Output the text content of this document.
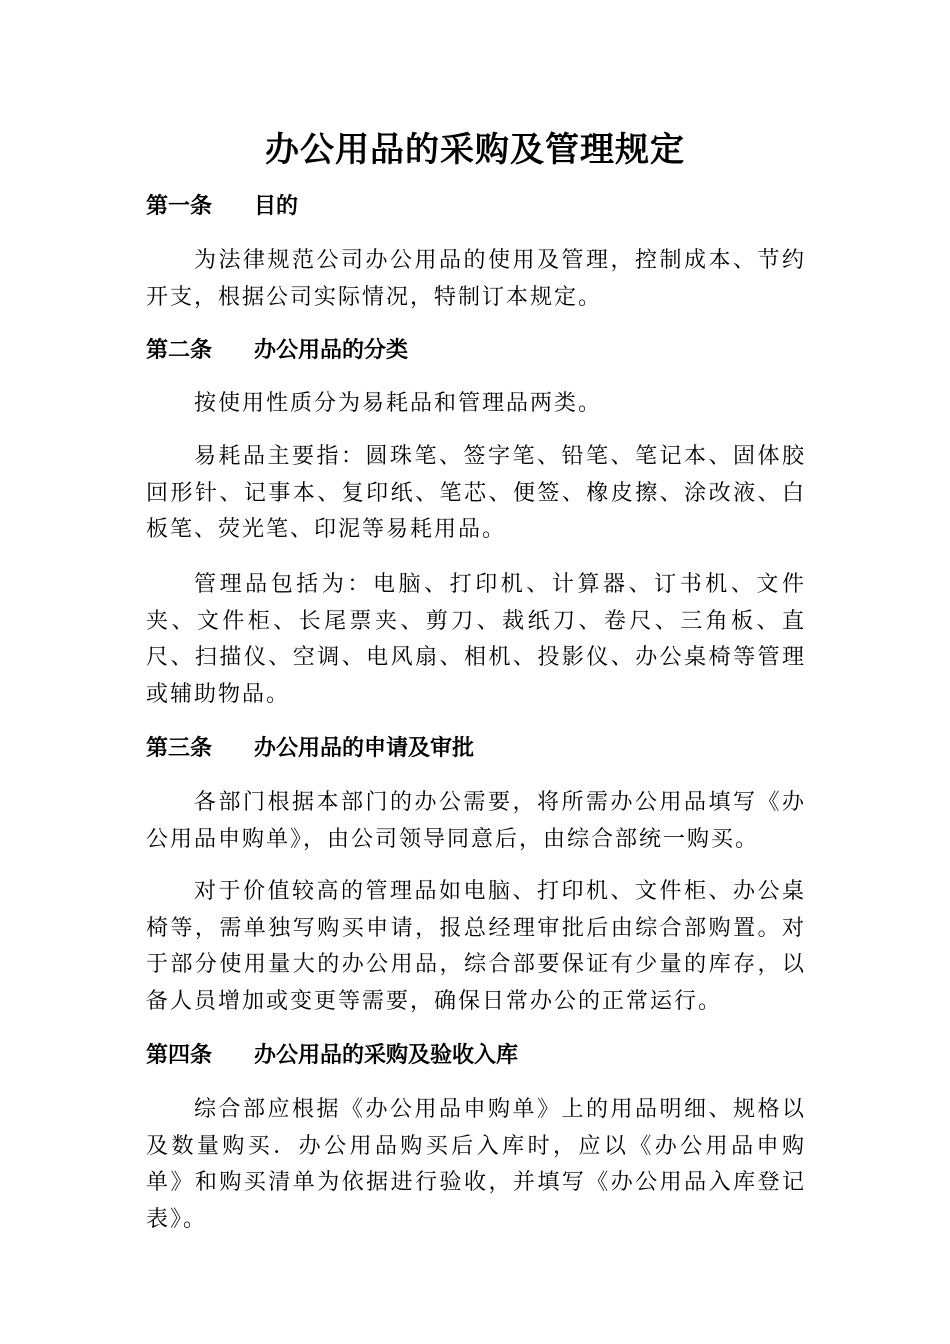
办公用品的采购及管理规定
第一条 目的

为法律规范公司办公用品的使用及管理，控制成本、节约开支，根据公司实际情况，特制订本规定。

第二条 办公用品的分类

按使用性质分为易耗品和管理品两类。

易耗品主要指：圆珠笔、签字笔、铅笔、笔记本、固体胶回形针、记事本、复印纸、笔芯、便签、橡皮擦、涂改液、白板笔、荧光笔、印泥等易耗用品。

管理品包括为：电脑、打印机、计算器、订书机、文件夹、文件柜、长尾票夹、剪刀、裁纸刀、卷尺、三角板、直尺、扫描仪、空调、电风扇、相机、投影仪、办公桌椅等管理或辅助物品。

第三条 办公用品的申请及审批

各部门根据本部门的办公需要，将所需办公用品填写《办公用品申购单》，由公司领导同意后，由综合部统一购买。

对于价值较高的管理品如电脑、打印机、文件柜、办公桌椅等，需单独写购买申请，报总经理审批后由综合部购置。对于部分使用量大的办公用品，综合部要保证有少量的库存，以备人员增加或变更等需要，确保日常办公的正常运行。

第四条 办公用品的采购及验收入库

综合部应根据《办公用品申购单》上的用品明细、规格以及数量购买．办公用品购买后入库时，应以《办公用品申购单》和购买清单为依据进行验收，并填写《办公用品入库登记表》。
